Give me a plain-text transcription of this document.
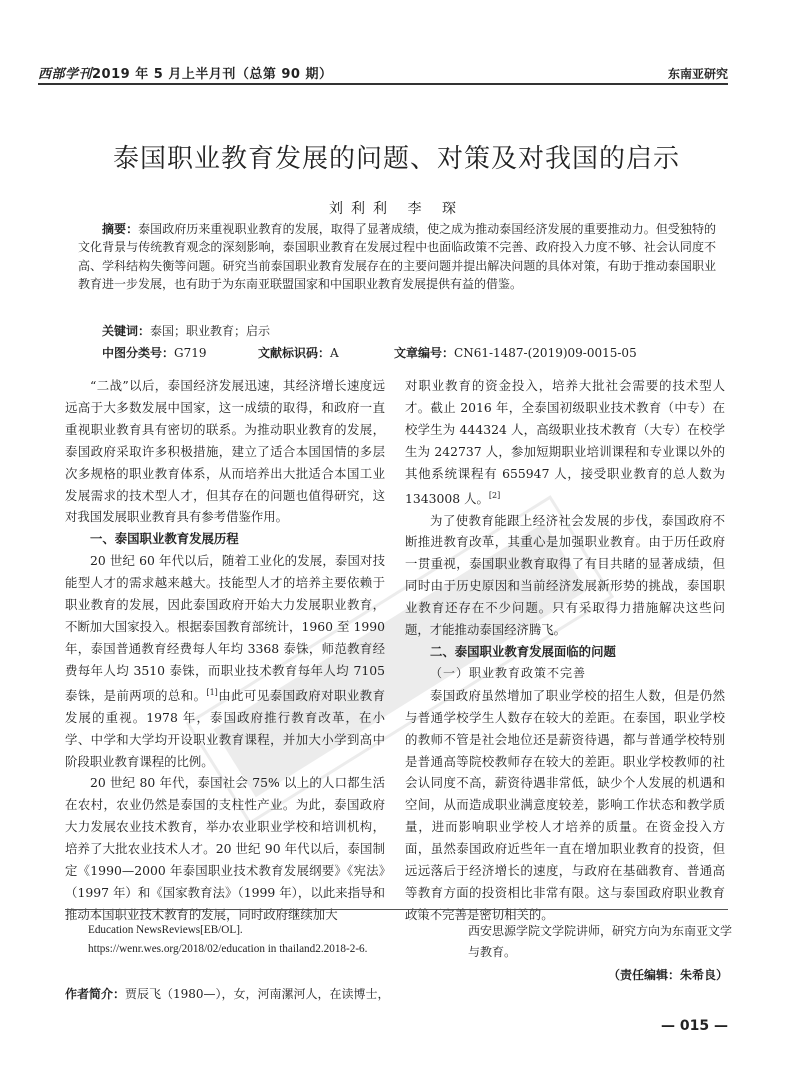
西部学刊2019 年 5 月上半月刊（总第 90 期）	东南亚研究
泰国职业教育发展的问题、对策及对我国的启示
刘利利 李 琛
摘要：泰国政府历来重视职业教育的发展，取得了显著成绩，使之成为推动泰国经济发展的重要推动力。但受独特的文化背景与传统教育观念的深刻影响，泰国职业教育在发展过程中也面临政策不完善、政府投入力度不够、社会认同度不高、学科结构失衡等问题。研究当前泰国职业教育发展存在的主要问题并提出解决问题的具体对策，有助于推动泰国职业教育进一步发展，也有助于为东南亚联盟国家和中国职业教育发展提供有益的借鉴。
关键词：泰国；职业教育；启示
中图分类号：G719	文献标识码：A	文章编号：CN61-1487-(2019)09-0015-05

“二战”以后，泰国经济发展迅速，其经济增长速度远远高于大多数发展中国家，这一成绩的取得，和政府一直重视职业教育具有密切的联系。为推动职业教育的发展，泰国政府采取许多积极措施，建立了适合本国国情的多层次多规格的职业教育体系，从而培养出大批适合本国工业发展需求的技术型人才，但其存在的问题也值得研究，这对我国发展职业教育具有参考借鉴作用。

一、泰国职业教育发展历程

20 世纪 60 年代以后，随着工业化的发展，泰国对技能型人才的需求越来越大。技能型人才的培养主要依赖于职业教育的发展，因此泰国政府开始大力发展职业教育，不断加大国家投入。根据泰国教育部统计，1960 至 1990 年，泰国普通教育经费每人年均 3368 泰铢，师范教育经费每年人均 3510 泰铢，而职业技术教育每年人均 7105 泰铢，是前两项的总和。[1]由此可见泰国政府对职业教育发展的重视。1978 年，泰国政府推行教育改革，在小学、中学和大学均开设职业教育课程，并加大小学到高中阶段职业教育课程的比例。

20 世纪 80 年代，泰国社会 75% 以上的人口都生活在农村，农业仍然是泰国的支柱性产业。为此，泰国政府大力发展农业技术教育，举办农业职业学校和培训机构，培养了大批农业技术人才。20 世纪 90 年代以后，泰国制定《1990—2000 年泰国职业技术教育发展纲要》《宪法》（1997 年）和《国家教育法》（1999 年），以此来指导和推动本国职业技术教育的发展，同时政府继续加大

对职业教育的资金投入，培养大批社会需要的技术型人才。截止 2016 年，全泰国初级职业技术教育（中专）在校学生为 444324 人，高级职业技术教育（大专）在校学生为 242737 人，参加短期职业培训课程和专业课以外的其他系统课程有 655947 人，接受职业教育的总人数为 1343008 人。[2]

为了使教育能跟上经济社会发展的步伐，泰国政府不断推进教育改革，其重心是加强职业教育。由于历任政府一贯重视，泰国职业教育取得了有目共睹的显著成绩，但同时由于历史原因和当前经济发展新形势的挑战，泰国职业教育还存在不少问题。只有采取得力措施解决这些问题，才能推动泰国经济腾飞。

二、泰国职业教育发展面临的问题
（一）职业教育政策不完善

泰国政府虽然增加了职业学校的招生人数，但是仍然与普通学校学生人数存在较大的差距。在泰国，职业学校的教师不管是社会地位还是薪资待遇，都与普通学校特别是普通高等院校教师存在较大的差距。职业学校教师的社会认同度不高，薪资待遇非常低，缺少个人发展的机遇和空间，从而造成职业满意度较差，影响工作状态和教学质量，进而影响职业学校人才培养的质量。在资金投入方面，虽然泰国政府近些年一直在增加职业教育的投资，但远远落后于经济增长的速度，与政府在基础教育、普通高等教育方面的投资相比非常有限。这与泰国政府职业教育政策不完善是密切相关的。

Education NewsReviews[EB/OL].
https://wenr.wes.org/2018/02/education in thailand2.2018-2-6.
西安思源学院文学院讲师，研究方向为东南亚文学与教育。
（责任编辑：朱希良）
作者简介：贾辰飞（1980—），女，河南漯河人，在读博士，
— 015 —
